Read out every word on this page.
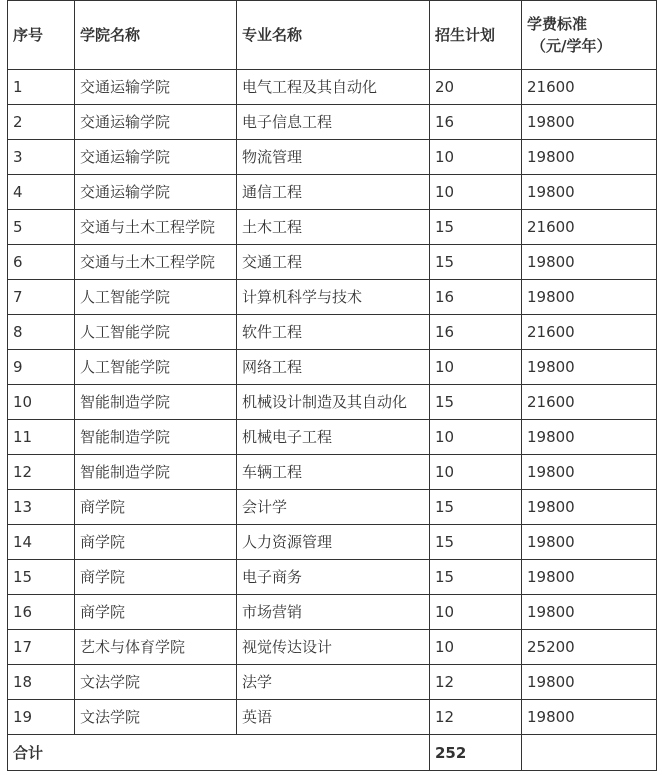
序号	学院名称	专业名称	招生计划	学费标准
（元/学年）

1	交通运输学院	电气工程及其自动化	20	21600
2	交通运输学院	电子信息工程	16	19800
3	交通运输学院	物流管理	10	19800
4	交通运输学院	通信工程	10	19800
5	交通与土木工程学院	土木工程	15	21600
6	交通与土木工程学院	交通工程	15	19800
7	人工智能学院	计算机科学与技术	16	19800
8	人工智能学院	软件工程	16	21600
9	人工智能学院	网络工程	10	19800
10	智能制造学院	机械设计制造及其自动化	15	21600
11	智能制造学院	机械电子工程	10	19800
12	智能制造学院	车辆工程	10	19800
13	商学院	会计学	15	19800
14	商学院	人力资源管理	15	19800
15	商学院	电子商务	15	19800
16	商学院	市场营销	10	19800
17	艺术与体育学院	视觉传达设计	10	25200
18	文法学院	法学	12	19800
19	文法学院	英语	12	19800
合计			252	
